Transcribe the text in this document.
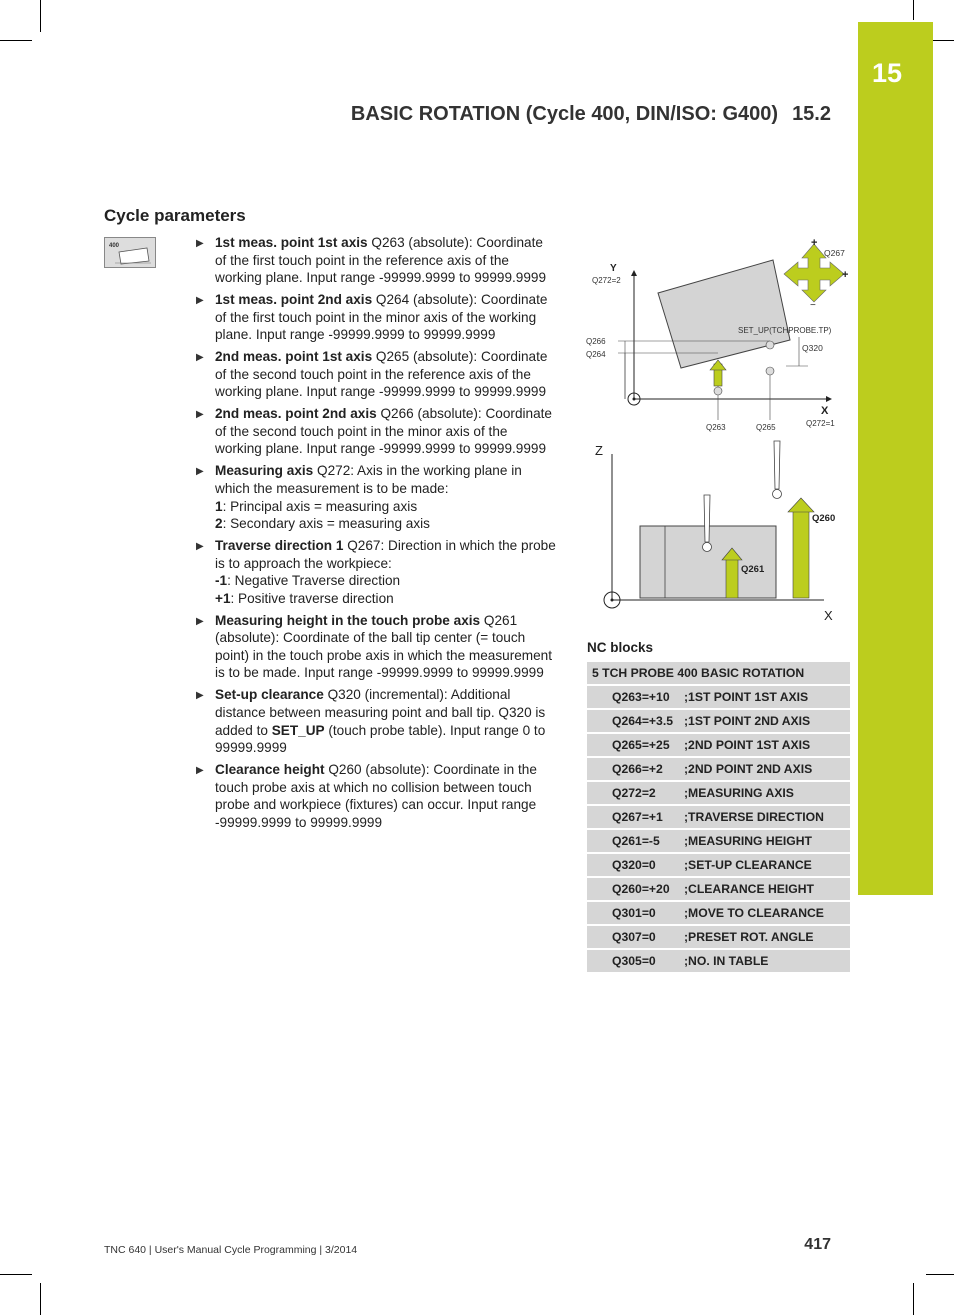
15
BASIC ROTATION (Cycle 400, DIN/ISO: G400) 15.2
Cycle parameters
400	▶ 1st meas. point 1st axis Q263 (absolute): Coordinate of the first touch point in the reference axis of the working plane. Input range -99999.9999 to 99999.9999
▶ 1st meas. point 2nd axis Q264 (absolute): Coordinate of the first touch point in the minor axis of the working plane. Input range -99999.9999 to 99999.9999
▶ 2nd meas. point 1st axis Q265 (absolute): Coordinate of the second touch point in the reference axis of the working plane. Input range -99999.9999 to 99999.9999
▶ 2nd meas. point 2nd axis Q266 (absolute): Coordinate of the second touch point in the minor axis of the working plane. Input range -99999.9999 to 99999.9999
▶ Measuring axis Q272: Axis in the working plane in which the measurement is to be made:
1: Principal axis = measuring axis
2: Secondary axis = measuring axis
▶ Traverse direction 1 Q267: Direction in which the probe is to approach the workpiece:
-1: Negative Traverse direction
+1: Positive traverse direction
▶ Measuring height in the touch probe axis Q261 (absolute): Coordinate of the ball tip center (= touch point) in the touch probe axis in which the measurement is to be made. Input range -99999.9999 to 99999.9999
▶ Set-up clearance Q320 (incremental): Additional distance between measuring point and ball tip. Q320 is added to SET_UP (touch probe table). Input range 0 to 99999.9999
▶ Clearance height Q260 (absolute): Coordinate in the touch probe axis at which no collision between touch probe and workpiece (fixtures) can occur. Input range -99999.9999 to 99999.9999
+
+
−
Q267
Y
Q272=2
X
Q272=1
SET_UP(TCHPROBE.TP)
Q320
Q266
Q264
Q263	Q265
Z
X
Q260
Q261
NC blocks
5 TCH PROBE 400 BASIC ROTATION	
Q263=+10	;1ST POINT 1ST AXIS
Q264=+3.5	;1ST POINT 2ND AXIS
Q265=+25	;2ND POINT 1ST AXIS
Q266=+2	;2ND POINT 2ND AXIS
Q272=2	;MEASURING AXIS
Q267=+1	;TRAVERSE DIRECTION
Q261=-5	;MEASURING HEIGHT
Q320=0	;SET-UP CLEARANCE
Q260=+20	;CLEARANCE HEIGHT
Q301=0	;MOVE TO CLEARANCE
Q307=0	;PRESET ROT. ANGLE
Q305=0	;NO. IN TABLE
TNC 640 | User's Manual Cycle Programming | 3/2014	417
